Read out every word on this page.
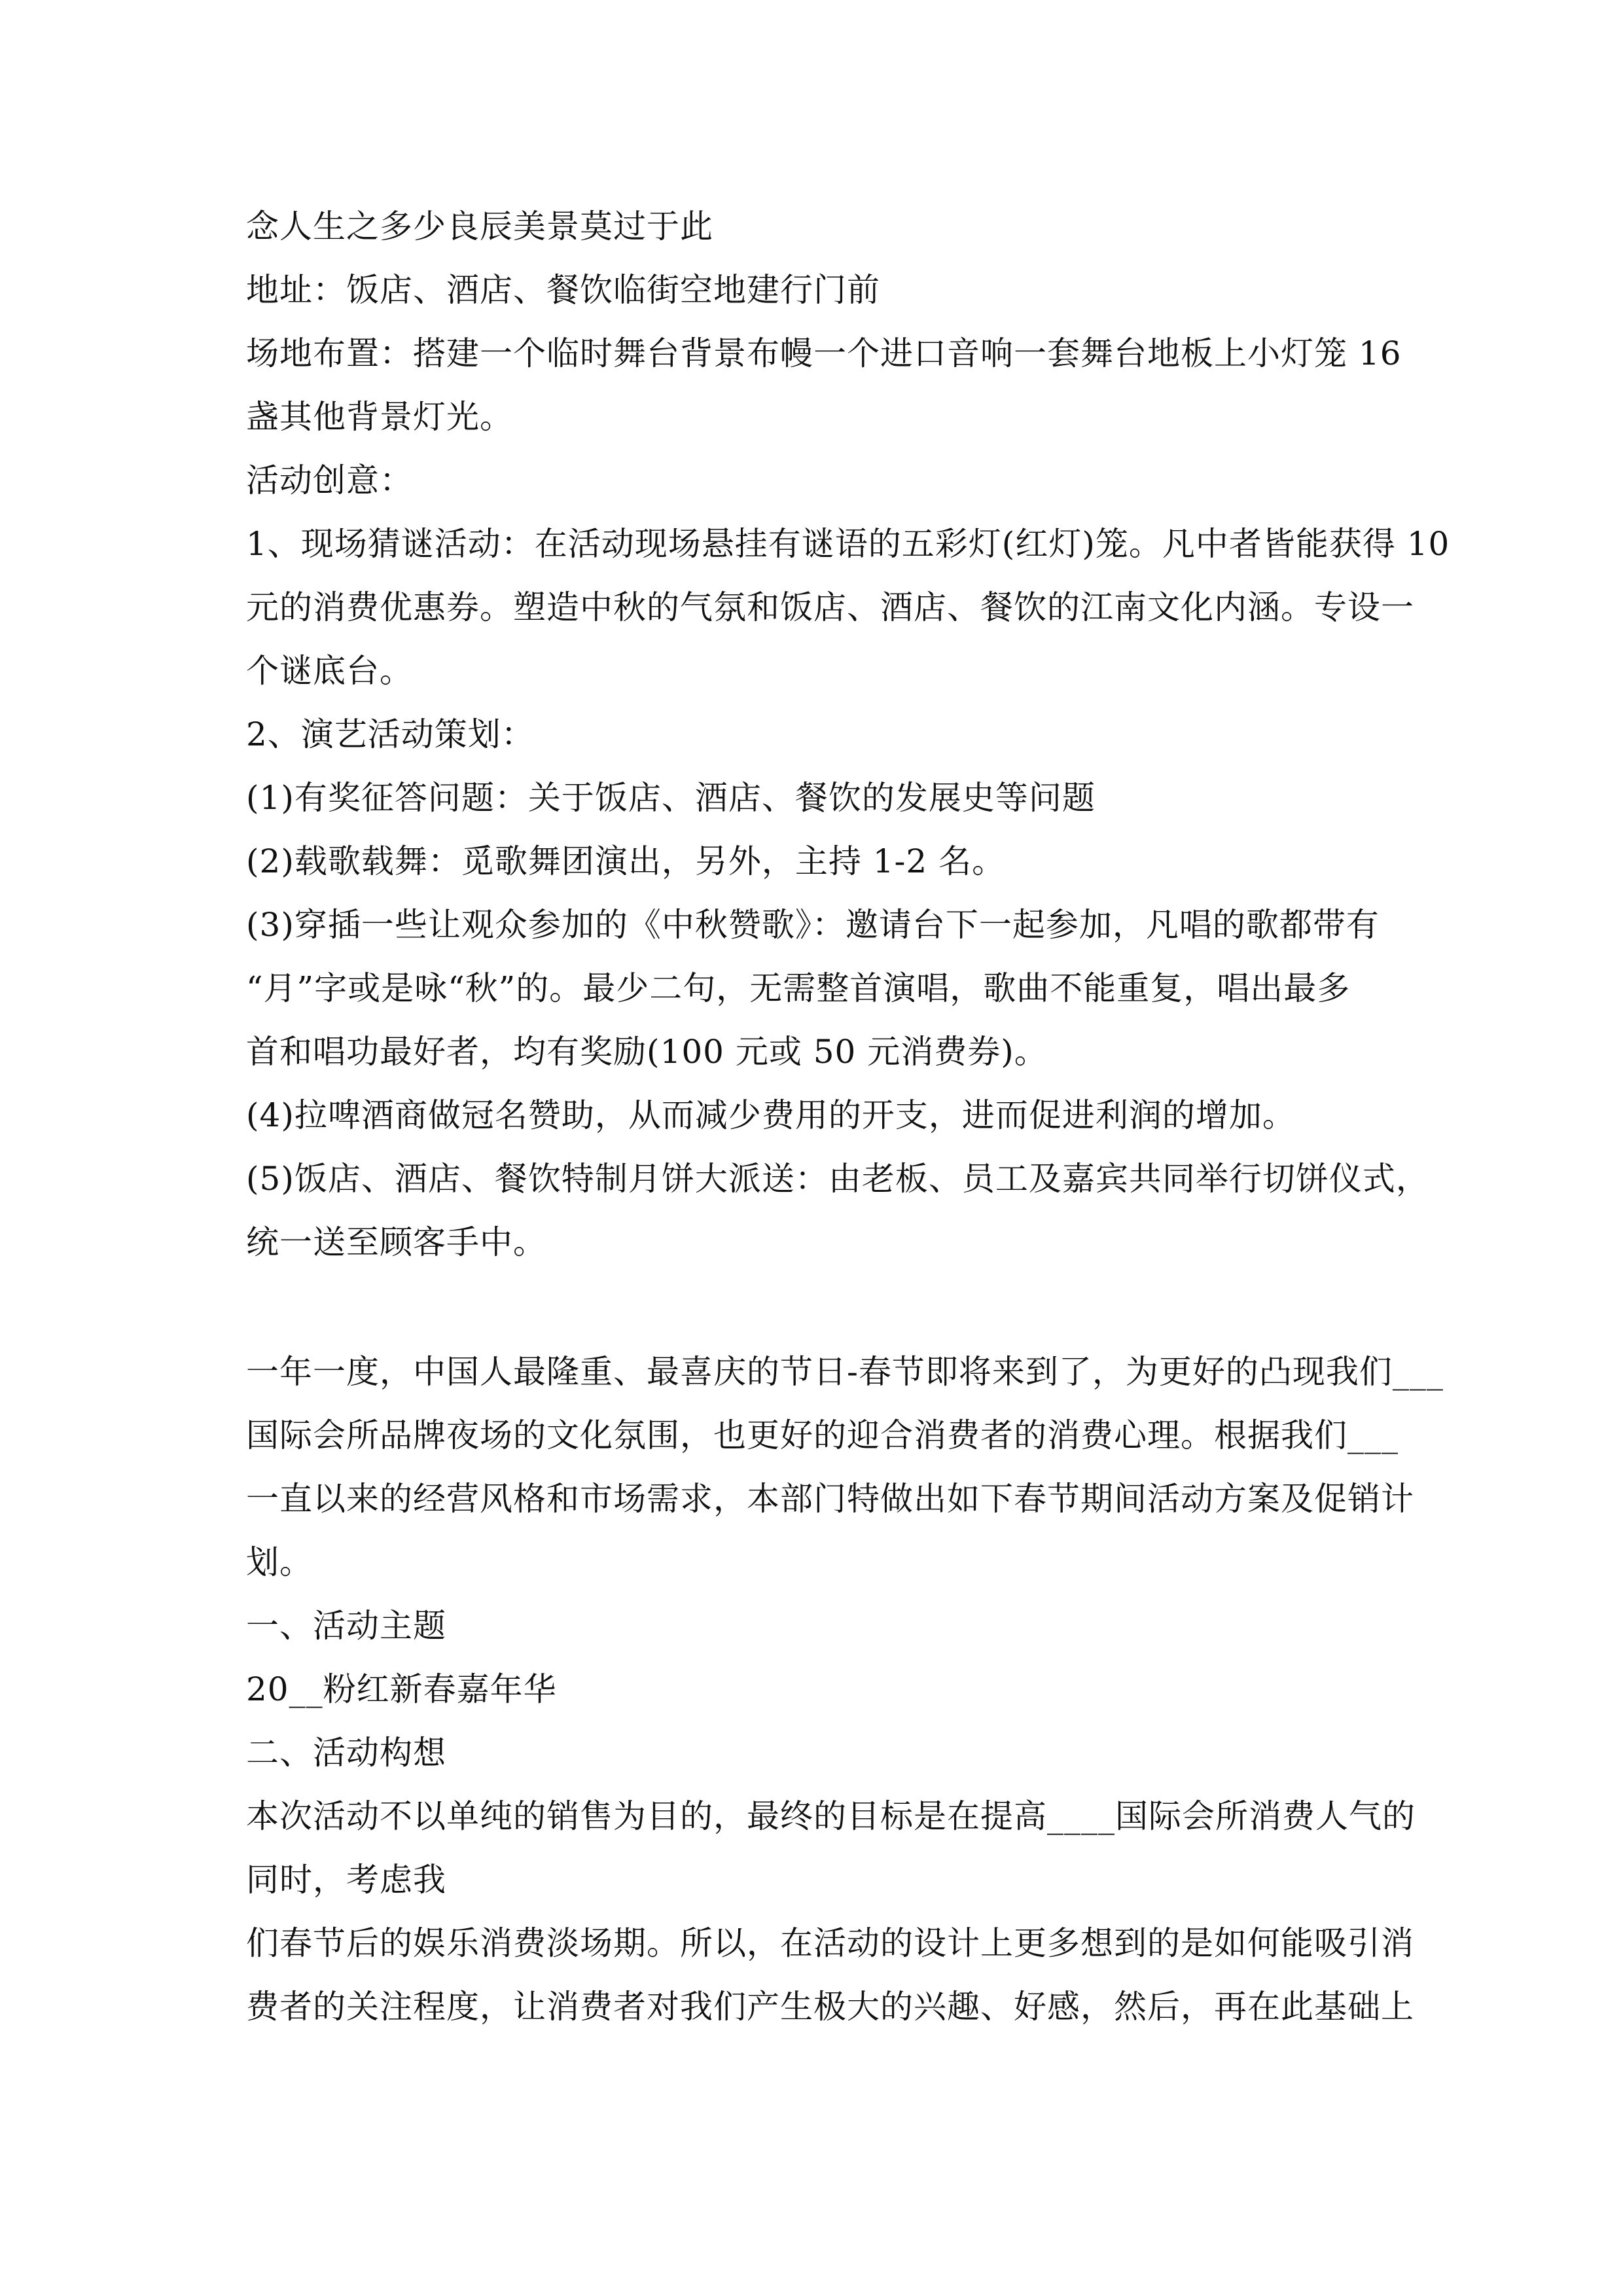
念人生之多少良辰美景莫过于此
地址：饭店、酒店、餐饮临街空地建行门前
场地布置：搭建一个临时舞台背景布幔一个进口音响一套舞台地板上小灯笼 16
盏其他背景灯光。
活动创意：
1、现场猜谜活动：在活动现场悬挂有谜语的五彩灯(红灯)笼。凡中者皆能获得 10
元的消费优惠券。塑造中秋的气氛和饭店、酒店、餐饮的江南文化内涵。专设一
个谜底台。
2、演艺活动策划：
(1)有奖征答问题：关于饭店、酒店、餐饮的发展史等问题
(2)载歌载舞：觅歌舞团演出，另外，主持 1-2 名。
(3)穿插一些让观众参加的《中秋赞歌》：邀请台下一起参加，凡唱的歌都带有
“月”字或是咏“秋”的。最少二句，无需整首演唱，歌曲不能重复，唱出最多
首和唱功最好者，均有奖励(100 元或 50 元消费券)。
(4)拉啤酒商做冠名赞助，从而减少费用的开支，进而促进利润的增加。
(5)饭店、酒店、餐饮特制月饼大派送：由老板、员工及嘉宾共同举行切饼仪式，
统一送至顾客手中。
一年一度，中国人最隆重、最喜庆的节日-春节即将来到了，为更好的凸现我们___
国际会所品牌夜场的文化氛围，也更好的迎合消费者的消费心理。根据我们___
一直以来的经营风格和市场需求，本部门特做出如下春节期间活动方案及促销计
划。
一、活动主题
20__粉红新春嘉年华
二、活动构想
本次活动不以单纯的销售为目的，最终的目标是在提高____国际会所消费人气的
同时，考虑我
们春节后的娱乐消费淡场期。所以，在活动的设计上更多想到的是如何能吸引消
费者的关注程度，让消费者对我们产生极大的兴趣、好感，然后，再在此基础上
